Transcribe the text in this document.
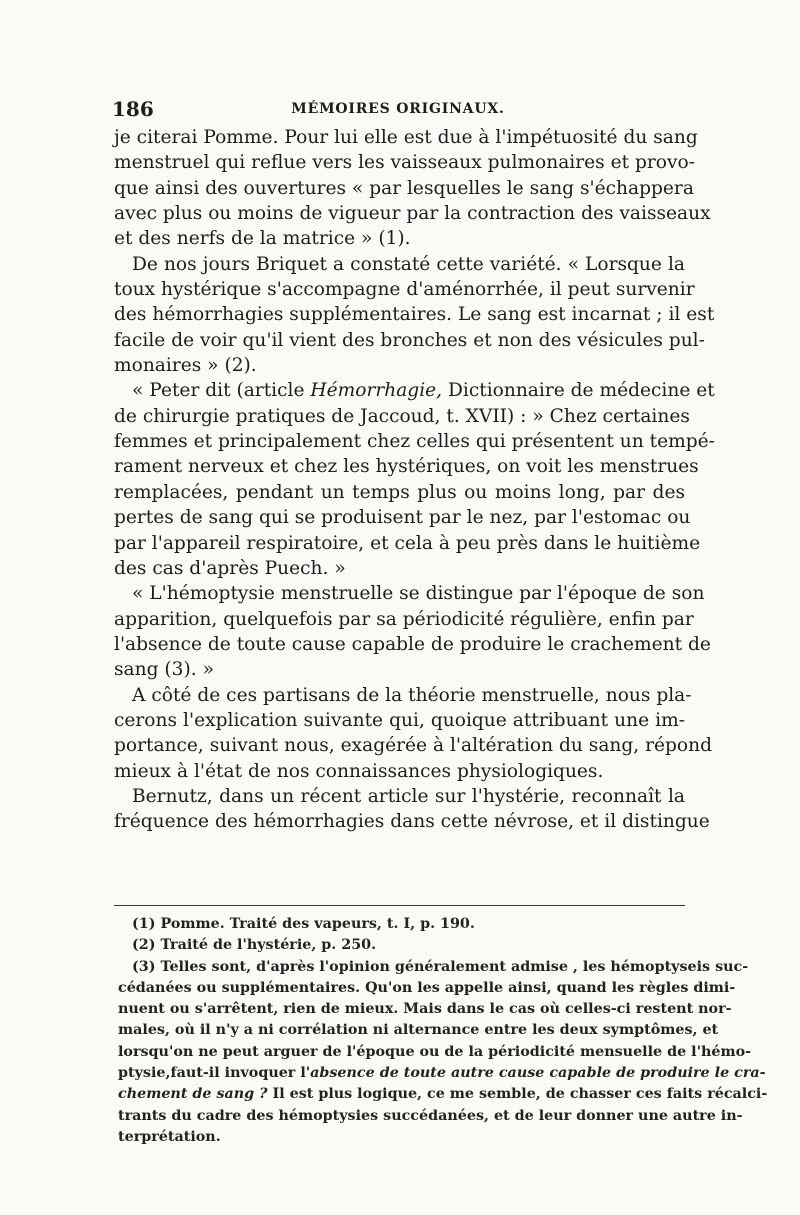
186	MÉMOIRES ORIGINAUX.
je citerai Pomme. Pour lui elle est due à l'impétuosité du sang
menstruel qui reflue vers les vaisseaux pulmonaires et provo-
que ainsi des ouvertures « par lesquelles le sang s'échappera
avec plus ou moins de vigueur par la contraction des vaisseaux
et des nerfs de la matrice » (1).
De nos jours Briquet a constaté cette variété. « Lorsque la
toux hystérique s'accompagne d'aménorrhée, il peut survenir
des hémorrhagies supplémentaires. Le sang est incarnat ; il est
facile de voir qu'il vient des bronches et non des vésicules pul-
monaires » (2).
« Peter dit (article Hémorrhagie, Dictionnaire de médecine et
de chirurgie pratiques de Jaccoud, t. XVII) : » Chez certaines
femmes et principalement chez celles qui présentent un tempé-
rament nerveux et chez les hystériques, on voit les menstrues
remplacées, pendant un temps plus ou moins long, par des
pertes de sang qui se produisent par le nez, par l'estomac ou
par l'appareil respiratoire, et cela à peu près dans le huitième
des cas d'après Puech. »
« L'hémoptysie menstruelle se distingue par l'époque de son
apparition, quelquefois par sa périodicité régulière, enfin par
l'absence de toute cause capable de produire le crachement de
sang (3). »
A côté de ces partisans de la théorie menstruelle, nous pla-
cerons l'explication suivante qui, quoique attribuant une im-
portance, suivant nous, exagérée à l'altération du sang, répond
mieux à l'état de nos connaissances physiologiques.
Bernutz, dans un récent article sur l'hystérie, reconnaît la
fréquence des hémorrhagies dans cette névrose, et il distingue
(1) Pomme. Traité des vapeurs, t. I, p. 190.
(2) Traité de l'hystérie, p. 250.
(3) Telles sont, d'après l'opinion généralement admise , les hémoptyseis suc-
cédanées ou supplémentaires. Qu'on les appelle ainsi, quand les règles dimi-
nuent ou s'arrêtent, rien de mieux. Mais dans le cas où celles-ci restent nor-
males, où il n'y a ni corrélation ni alternance entre les deux symptômes, et
lorsqu'on ne peut arguer de l'époque ou de la périodicité mensuelle de l'hémo-
ptysie,faut-il invoquer l'absence de toute autre cause capable de produire le cra-
chement de sang ? Il est plus logique, ce me semble, de chasser ces faits récalci-
trants du cadre des hémoptysies succédanées, et de leur donner une autre in-
terprétation.
